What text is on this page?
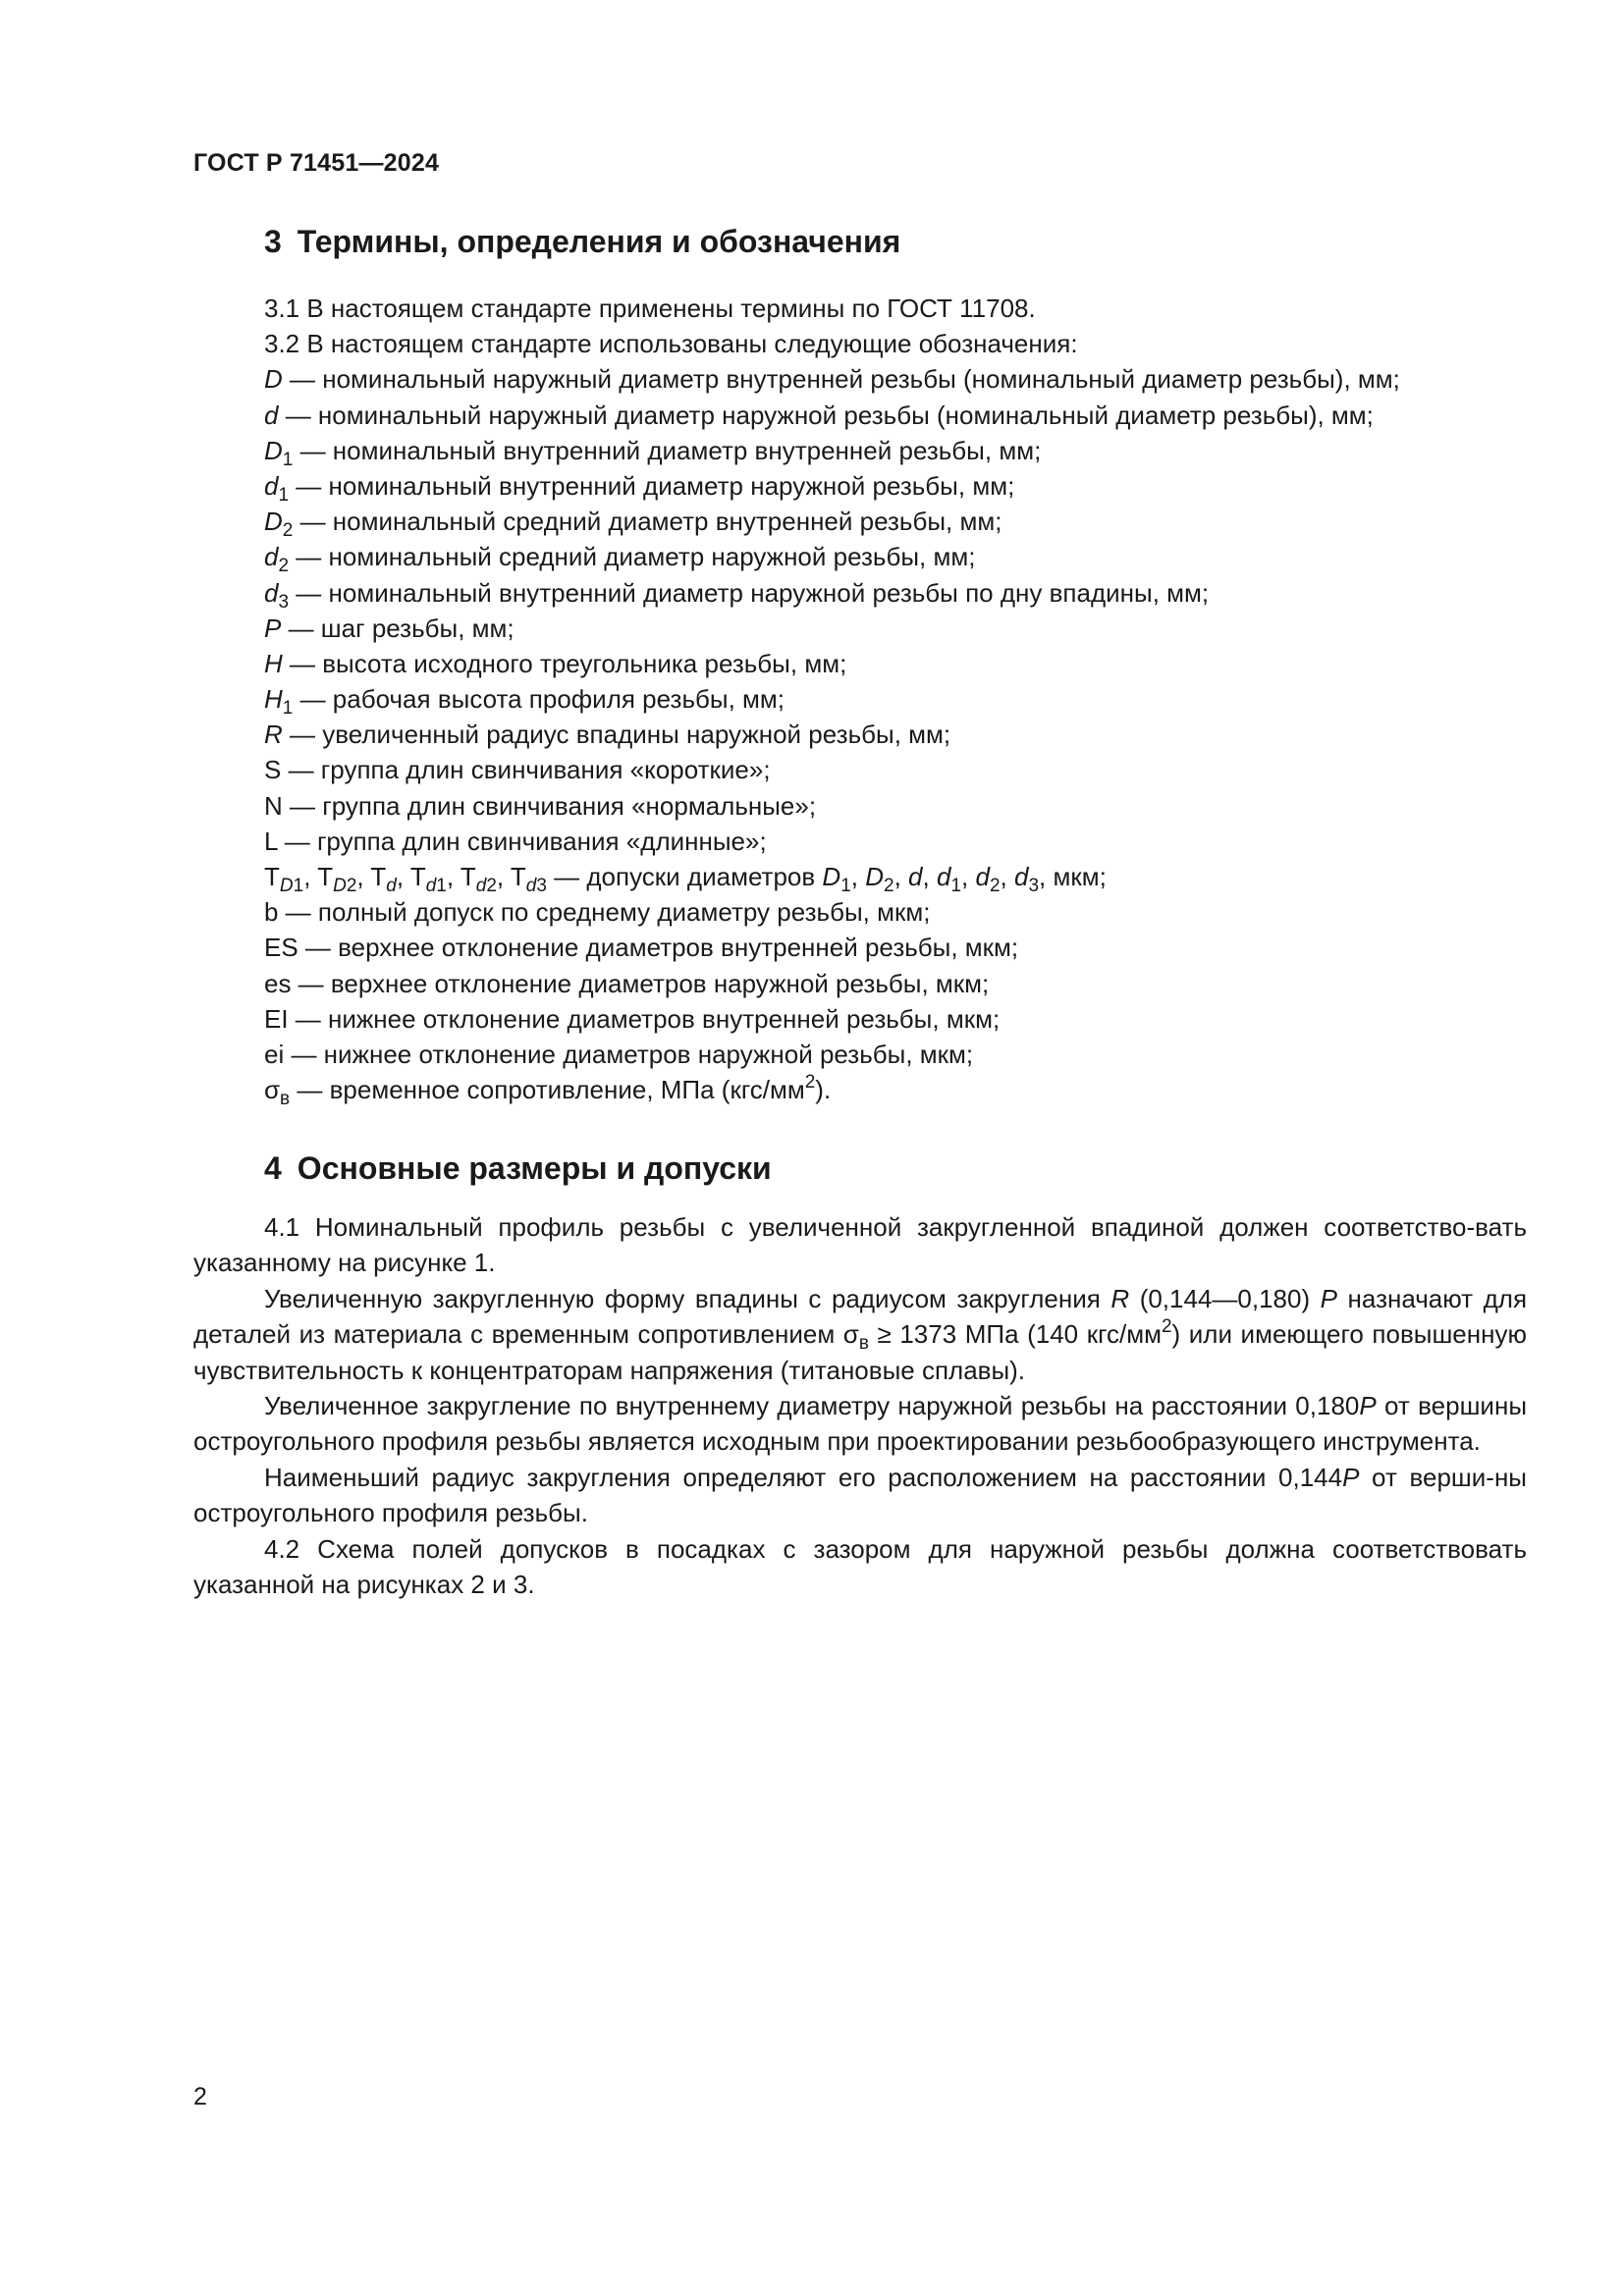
ГОСТ Р 71451—2024
3 Термины, определения и обозначения
3.1 В настоящем стандарте применены термины по ГОСТ 11708.
3.2 В настоящем стандарте использованы следующие обозначения:
D — номинальный наружный диаметр внутренней резьбы (номинальный диаметр резьбы), мм;
d — номинальный наружный диаметр наружной резьбы (номинальный диаметр резьбы), мм;
$D_1$ — номинальный внутренний диаметр внутренней резьбы, мм;
$d_1$ — номинальный внутренний диаметр наружной резьбы, мм;
$D_2$ — номинальный средний диаметр внутренней резьбы, мм;
$d_2$ — номинальный средний диаметр наружной резьбы, мм;
$d_3$ — номинальный внутренний диаметр наружной резьбы по дну впадины, мм;
P — шаг резьбы, мм;
H — высота исходного треугольника резьбы, мм;
$H_1$ — рабочая высота профиля резьбы, мм;
R — увеличенный радиус впадины наружной резьбы, мм;
S — группа длин свинчивания «короткие»;
N — группа длин свинчивания «нормальные»;
L — группа длин свинчивания «длинные»;
$T_{D1}$, $T_{D2}$, $T_d$, $T_{d1}$, $T_{d2}$, $T_{d3}$ — допуски диаметров $D_1$, $D_2$, d, $d_1$, $d_2$, $d_3$, мкм;
b — полный допуск по среднему диаметру резьбы, мкм;
ES — верхнее отклонение диаметров внутренней резьбы, мкм;
es — верхнее отклонение диаметров наружной резьбы, мкм;
EI — нижнее отклонение диаметров внутренней резьбы, мкм;
ei — нижнее отклонение диаметров наружной резьбы, мкм;
$\sigma_в$ — временное сопротивление, МПа $(кгс/мм^2)$.
4 Основные размеры и допуски

4.1 Номинальный профиль резьбы с увеличенной закругленной впадиной должен соответство-вать указанному на рисунке 1.

Увеличенную закругленную форму впадины с радиусом закругления R (0,144—0,180) P назначают для деталей из материала с временным сопротивлением $\sigma_в \ge 1373$ МПа (140 кгс/$мм^2$) или имеющего повышенную чувствительность к концентраторам напряжения (титановые сплавы).

Увеличенное закругление по внутреннему диаметру наружной резьбы на расстоянии 0,180P от вершины остроугольного профиля резьбы является исходным при проектировании резьбообразующего инструмента.

Наименьший радиус закругления определяют его расположением на расстоянии 0,144P от верши-ны остроугольного профиля резьбы.

4.2 Схема полей допусков в посадках с зазором для наружной резьбы должна соответствовать указанной на рисунках 2 и 3.

2
